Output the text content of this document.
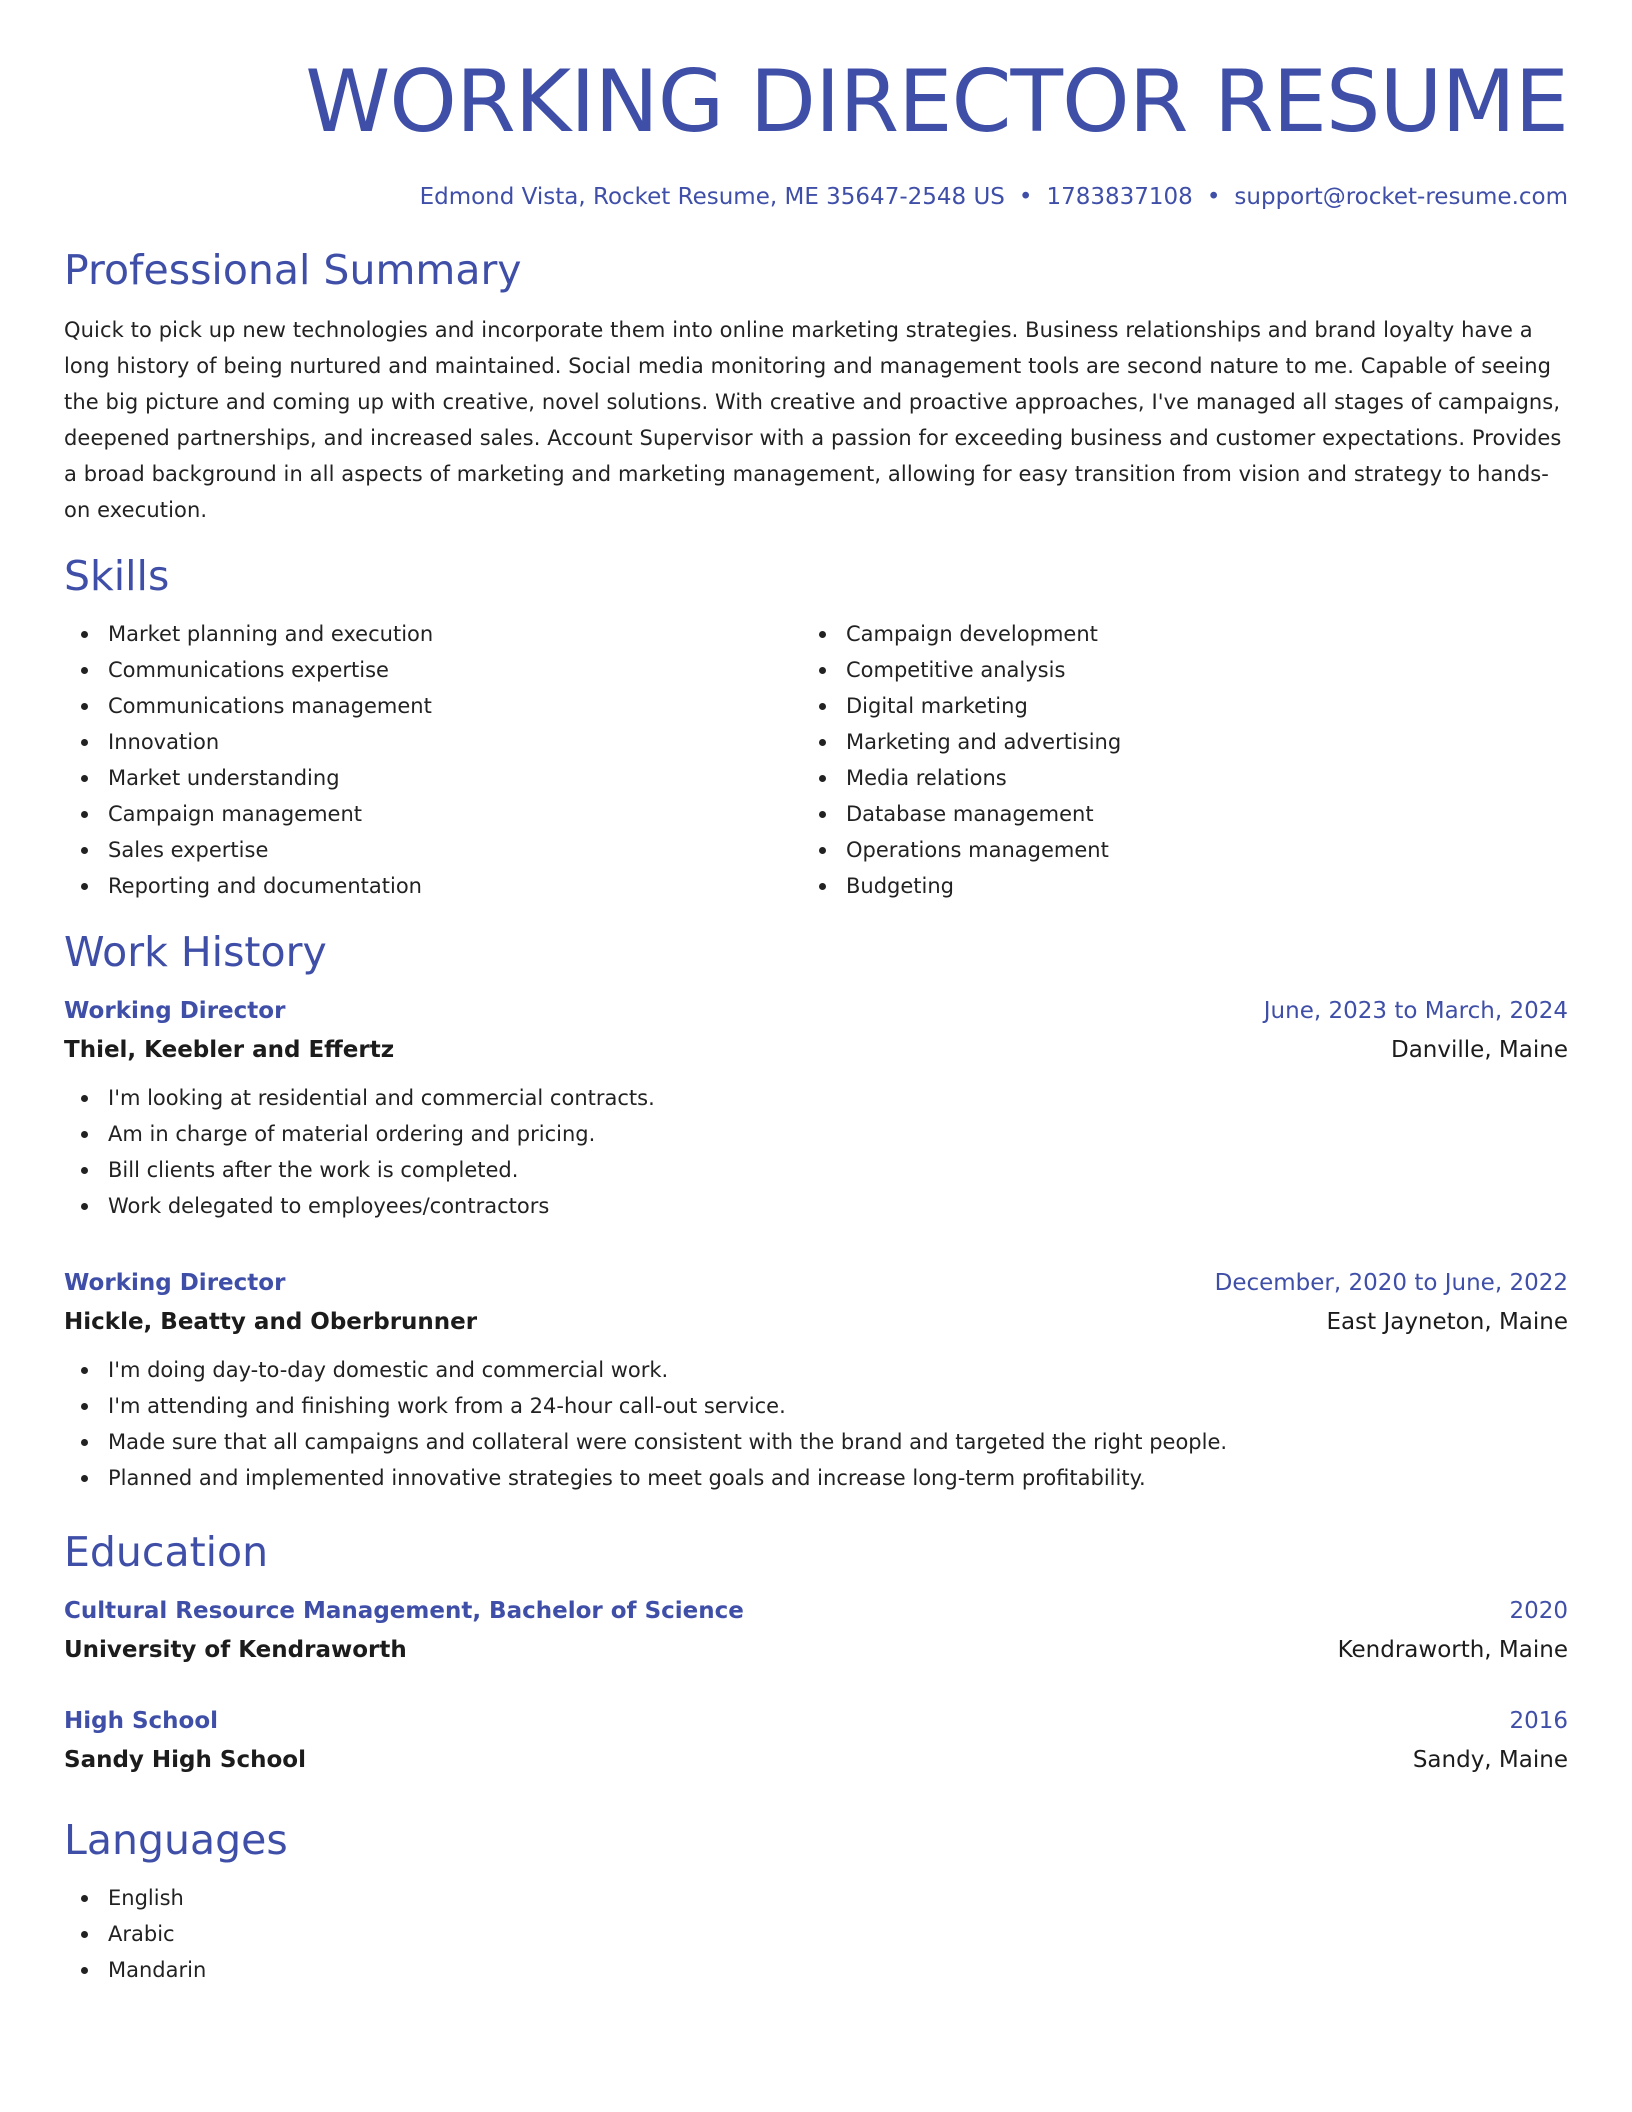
WORKING DIRECTOR RESUME
Edmond Vista, Rocket Resume, ME 35647-2548 US • 1783837108 • support@rocket-resume.com
Professional Summary

Quick to pick up new technologies and incorporate them into online marketing strategies. Business relationships and brand loyalty have a long history of being nurtured and maintained. Social media monitoring and management tools are second nature to me. Capable of seeing the big picture and coming up with creative, novel solutions. With creative and proactive approaches, I've managed all stages of campaigns, deepened partnerships, and increased sales. Account Supervisor with a passion for exceeding business and customer expectations. Provides a broad background in all aspects of marketing and marketing management, allowing for easy transition from vision and strategy to hands-on execution.

Skills
Market planning and execution
Communications expertise
Communications management
Innovation
Market understanding
Campaign management
Sales expertise
Reporting and documentation
Campaign development
Competitive analysis
Digital marketing
Marketing and advertising
Media relations
Database management
Operations management
Budgeting
Work History
Working Director	June, 2023 to March, 2024
Thiel, Keebler and Effertz	Danville, Maine
I'm looking at residential and commercial contracts.
Am in charge of material ordering and pricing.
Bill clients after the work is completed.
Work delegated to employees/contractors
Working Director	December, 2020 to June, 2022
Hickle, Beatty and Oberbrunner	East Jayneton, Maine
I'm doing day-to-day domestic and commercial work.
I'm attending and finishing work from a 24-hour call-out service.
Made sure that all campaigns and collateral were consistent with the brand and targeted the right people.
Planned and implemented innovative strategies to meet goals and increase long-term profitability.
Education
Cultural Resource Management, Bachelor of Science	2020
University of Kendraworth	Kendraworth, Maine
High School	2016
Sandy High School	Sandy, Maine
Languages
English
Arabic
Mandarin
